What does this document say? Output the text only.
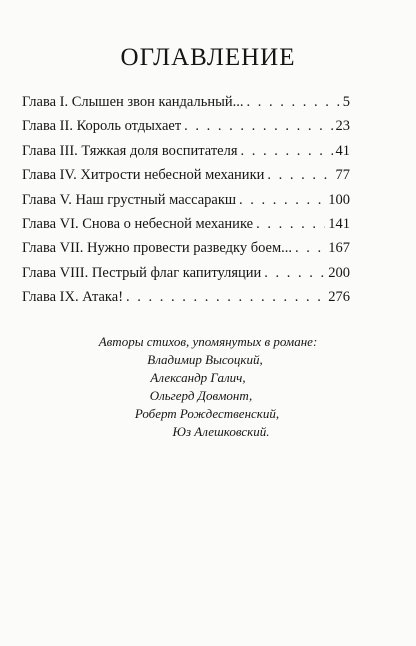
ОГЛАВЛЕНИЕ
Глава I. Слышен звон кандальный... . . .	5
Глава II. Король отдыхает . . .	23
Глава III. Тяжкая доля воспитателя . . .	41
Глава IV. Хитрости небесной механики . . .	77
Глава V. Наш грустный массаракш . . .	100
Глава VI. Снова о небесной механике . . .	141
Глава VII. Нужно провести разведку боем... . . . 167
Глава VIII. Пестрый флаг капитуляции . . .	200
Глава IX. Атака! . . .	276
Авторы стихов, упомянутых в романе:
Владимир Высоцкий,
Александр Галич,
Ольгерд Довмонт,
Роберт Рождественский,
Юз Алешковский.
